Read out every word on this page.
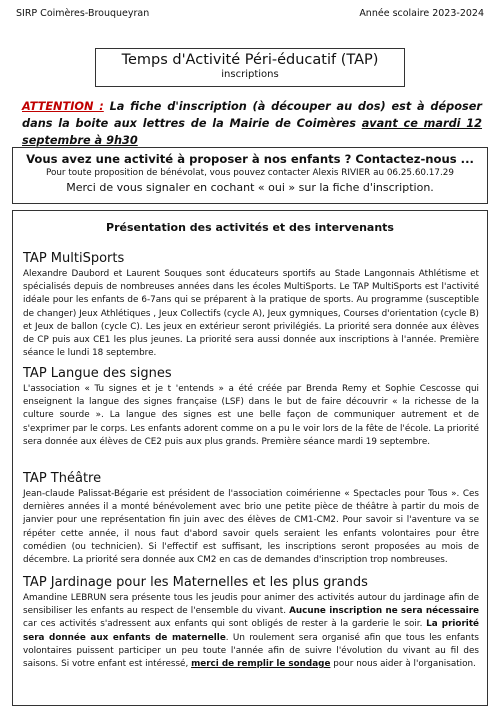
SIRP Coimères-Brouqueyran	Année scolaire 2023-2024
Temps d'Activité Péri-éducatif (TAP)
inscriptions
ATTENTION : La fiche d'inscription (à découper au dos) est à déposer dans la boite aux lettres de la Mairie de Coimères avant ce mardi 12 septembre à 9h30
Vous avez une activité à proposer à nos enfants ? Contactez-nous ...
Pour toute proposition de bénévolat, vous pouvez contacter Alexis RIVIER au 06.25.60.17.29
Merci de vous signaler en cochant « oui » sur la fiche d'inscription.
Présentation des activités et des intervenants
TAP MultiSports

Alexandre Daubord et Laurent Souques sont éducateurs sportifs au Stade Langonnais Athlétisme et spécialisés depuis de nombreuses années dans les écoles MultiSports. Le TAP MultiSports est l'activité idéale pour les enfants de 6-7ans qui se préparent à la pratique de sports. Au programme (susceptible de changer) Jeux Athlétiques , Jeux Collectifs (cycle A), Jeux gymniques, Courses d'orientation (cycle B) et Jeux de ballon (cycle C). Les jeux en extérieur seront privilégiés. La priorité sera donnée aux élèves de CP puis aux CE1 les plus jeunes. La priorité sera aussi donnée aux inscriptions à l'année. Première séance le lundi 18 septembre.

TAP Langue des signes

L'association « Tu signes et je t 'entends » a été créée par Brenda Remy et Sophie Cescosse qui enseignent la langue des signes française (LSF) dans le but de faire découvrir « la richesse de la culture sourde ». La langue des signes est une belle façon de communiquer autrement et de s'exprimer par le corps. Les enfants adorent comme on a pu le voir lors de la fête de l'école. La priorité sera donnée aux élèves de CE2 puis aux plus grands. Première séance mardi 19 septembre.

TAP Théâtre

Jean-claude Palissat-Bégarie est président de l'association coimérienne « Spectacles pour Tous ». Ces dernières années il a monté bénévolement avec brio une petite pièce de théâtre à partir du mois de janvier pour une représentation fin juin avec des élèves de CM1-CM2. Pour savoir si l'aventure va se répéter cette année, il nous faut d'abord savoir quels seraient les enfants volontaires pour être comédien (ou technicien). Si l'effectif est suffisant, les inscriptions seront proposées au mois de décembre. La priorité sera donnée aux CM2 en cas de demandes d'inscription trop nombreuses.

TAP Jardinage pour les Maternelles et les plus grands

Amandine LEBRUN sera présente tous les jeudis pour animer des activités autour du jardinage afin de sensibiliser les enfants au respect de l'ensemble du vivant. Aucune inscription ne sera nécessaire car ces activités s'adressent aux enfants qui sont obligés de rester à la garderie le soir. La priorité sera donnée aux enfants de maternelle. Un roulement sera organisé afin que tous les enfants volontaires puissent participer un peu toute l'année afin de suivre l'évolution du vivant au fil des saisons. Si votre enfant est intéressé, merci de remplir le sondage pour nous aider à l'organisation.
